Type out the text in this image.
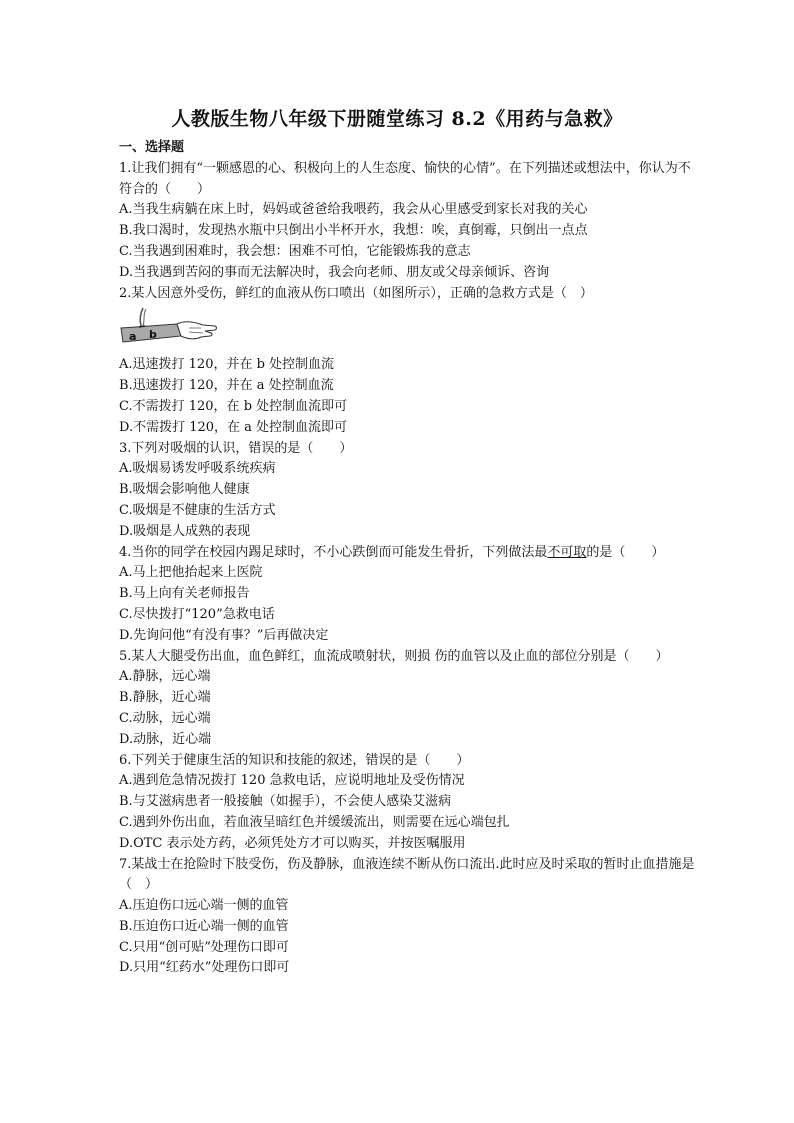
人教版生物八年级下册随堂练习 8.2《用药与急救》
一、选择题
1.让我们拥有“一颗感恩的心、积极向上的人生态度、愉快的心情”。在下列描述或想法中，你认为不符合的（　　）
A.当我生病躺在床上时，妈妈或爸爸给我喂药，我会从心里感受到家长对我的关心
B.我口渴时，发现热水瓶中只倒出小半杯开水，我想：唉，真倒霉，只倒出一点点
C.当我遇到困难时，我会想：困难不可怕，它能锻炼我的意志
D.当我遇到苦闷的事而无法解决时，我会向老师、朋友或父母亲倾诉、咨询
2.某人因意外受伤，鲜红的血液从伤口喷出（如图所示），正确的急救方式是（　）
a b
A.迅速拨打 120，并在 b 处控制血流
B.迅速拨打 120，并在 a 处控制血流
C.不需拨打 120，在 b 处控制血流即可
D.不需拨打 120，在 a 处控制血流即可
3.下列对吸烟的认识，错误的是（　　）
A.吸烟易诱发呼吸系统疾病
B.吸烟会影响他人健康
C.吸烟是不健康的生活方式
D.吸烟是人成熟的表现
4.当你的同学在校园内踢足球时，不小心跌倒而可能发生骨折，下列做法最不可取的是（　　）
A.马上把他抬起来上医院
B.马上向有关老师报告
C.尽快拨打“120”急救电话
D.先询问他“有没有事？”后再做决定
5.某人大腿受伤出血，血色鲜红，血流成喷射状，则损 伤的血管以及止血的部位分别是（　　）
A.静脉，远心端
B.静脉，近心端
C.动脉，远心端
D.动脉，近心端
6.下列关于健康生活的知识和技能的叙述，错误的是（　　）
A.遇到危急情况拨打 120 急救电话，应说明地址及受伤情况
B.与艾滋病患者一般接触（如握手），不会使人感染艾滋病
C.遇到外伤出血，若血液呈暗红色并缓缓流出，则需要在远心端包扎
D.OTC 表示处方药，必须凭处方才可以购买，并按医嘱服用
7.某战士在抢险时下肢受伤，伤及静脉，血液连续不断从伤口流出.此时应及时采取的暂时止血措施是（　）
A.压迫伤口远心端一侧的血管
B.压迫伤口近心端一侧的血管
C.只用“创可贴”处理伤口即可
D.只用“红药水”处理伤口即可
